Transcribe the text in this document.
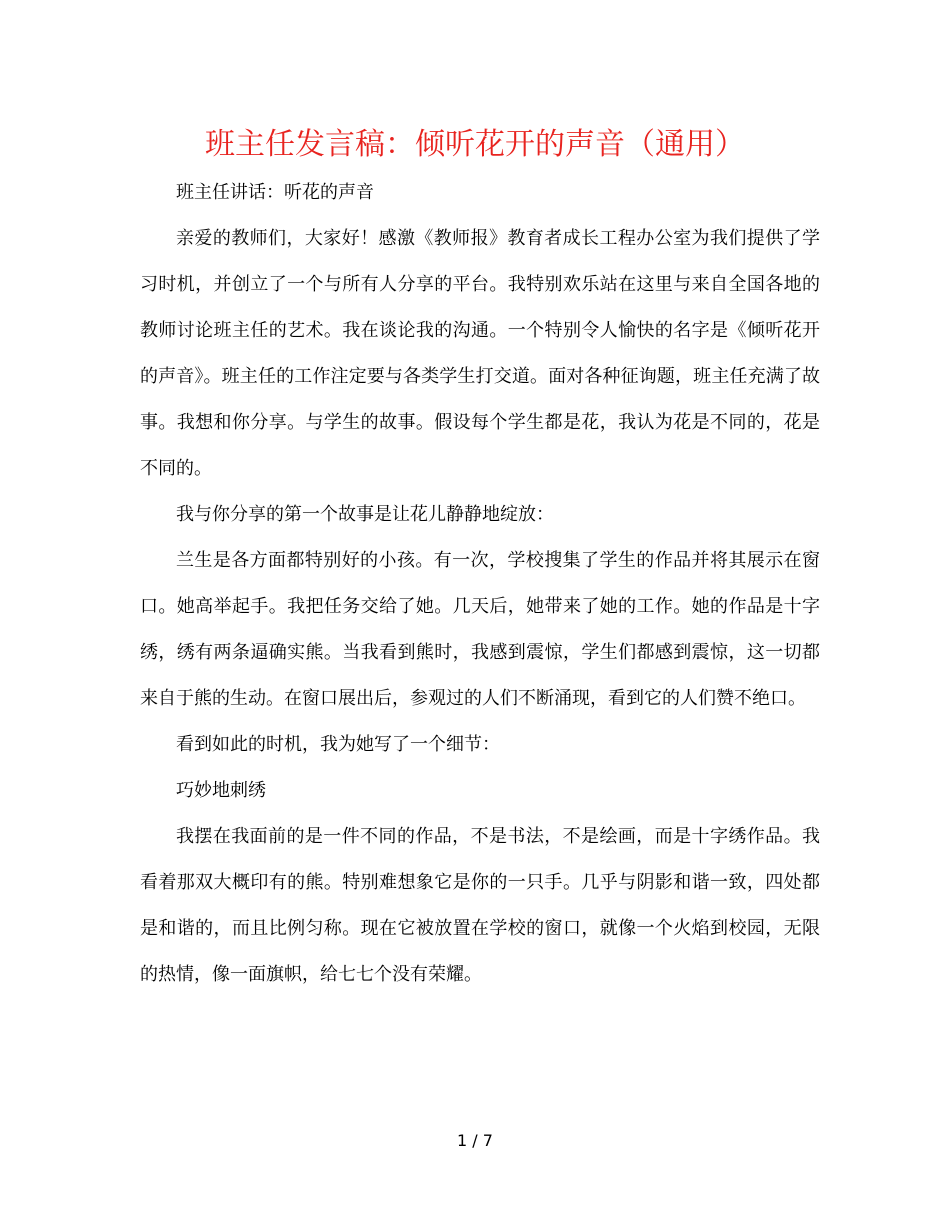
班主任发言稿：倾听花开的声音（通用）

班主任讲话：听花的声音

亲爱的教师们，大家好！感激《教师报》教育者成长工程办公室为我们提供了学习时机，并创立了一个与所有人分享的平台。我特别欢乐站在这里与来自全国各地的教师讨论班主任的艺术。我在谈论我的沟通。一个特别令人愉快的名字是《倾听花开的声音》。班主任的工作注定要与各类学生打交道。面对各种征询题，班主任充满了故事。我想和你分享。与学生的故事。假设每个学生都是花，我认为花是不同的，花是不同的。

我与你分享的第一个故事是让花儿静静地绽放：

兰生是各方面都特别好的小孩。有一次，学校搜集了学生的作品并将其展示在窗口。她高举起手。我把任务交给了她。几天后，她带来了她的工作。她的作品是十字绣，绣有两条逼确实熊。当我看到熊时，我感到震惊，学生们都感到震惊，这一切都来自于熊的生动。在窗口展出后，参观过的人们不断涌现，看到它的人们赞不绝口。

看到如此的时机，我为她写了一个细节：

巧妙地刺绣

我摆在我面前的是一件不同的作品，不是书法，不是绘画，而是十字绣作品。我看着那双大概印有的熊。特别难想象它是你的一只手。几乎与阴影和谐一致，四处都是和谐的，而且比例匀称。现在它被放置在学校的窗口，就像一个火焰到校园，无限的热情，像一面旗帜，给七七个没有荣耀。

1 / 7
